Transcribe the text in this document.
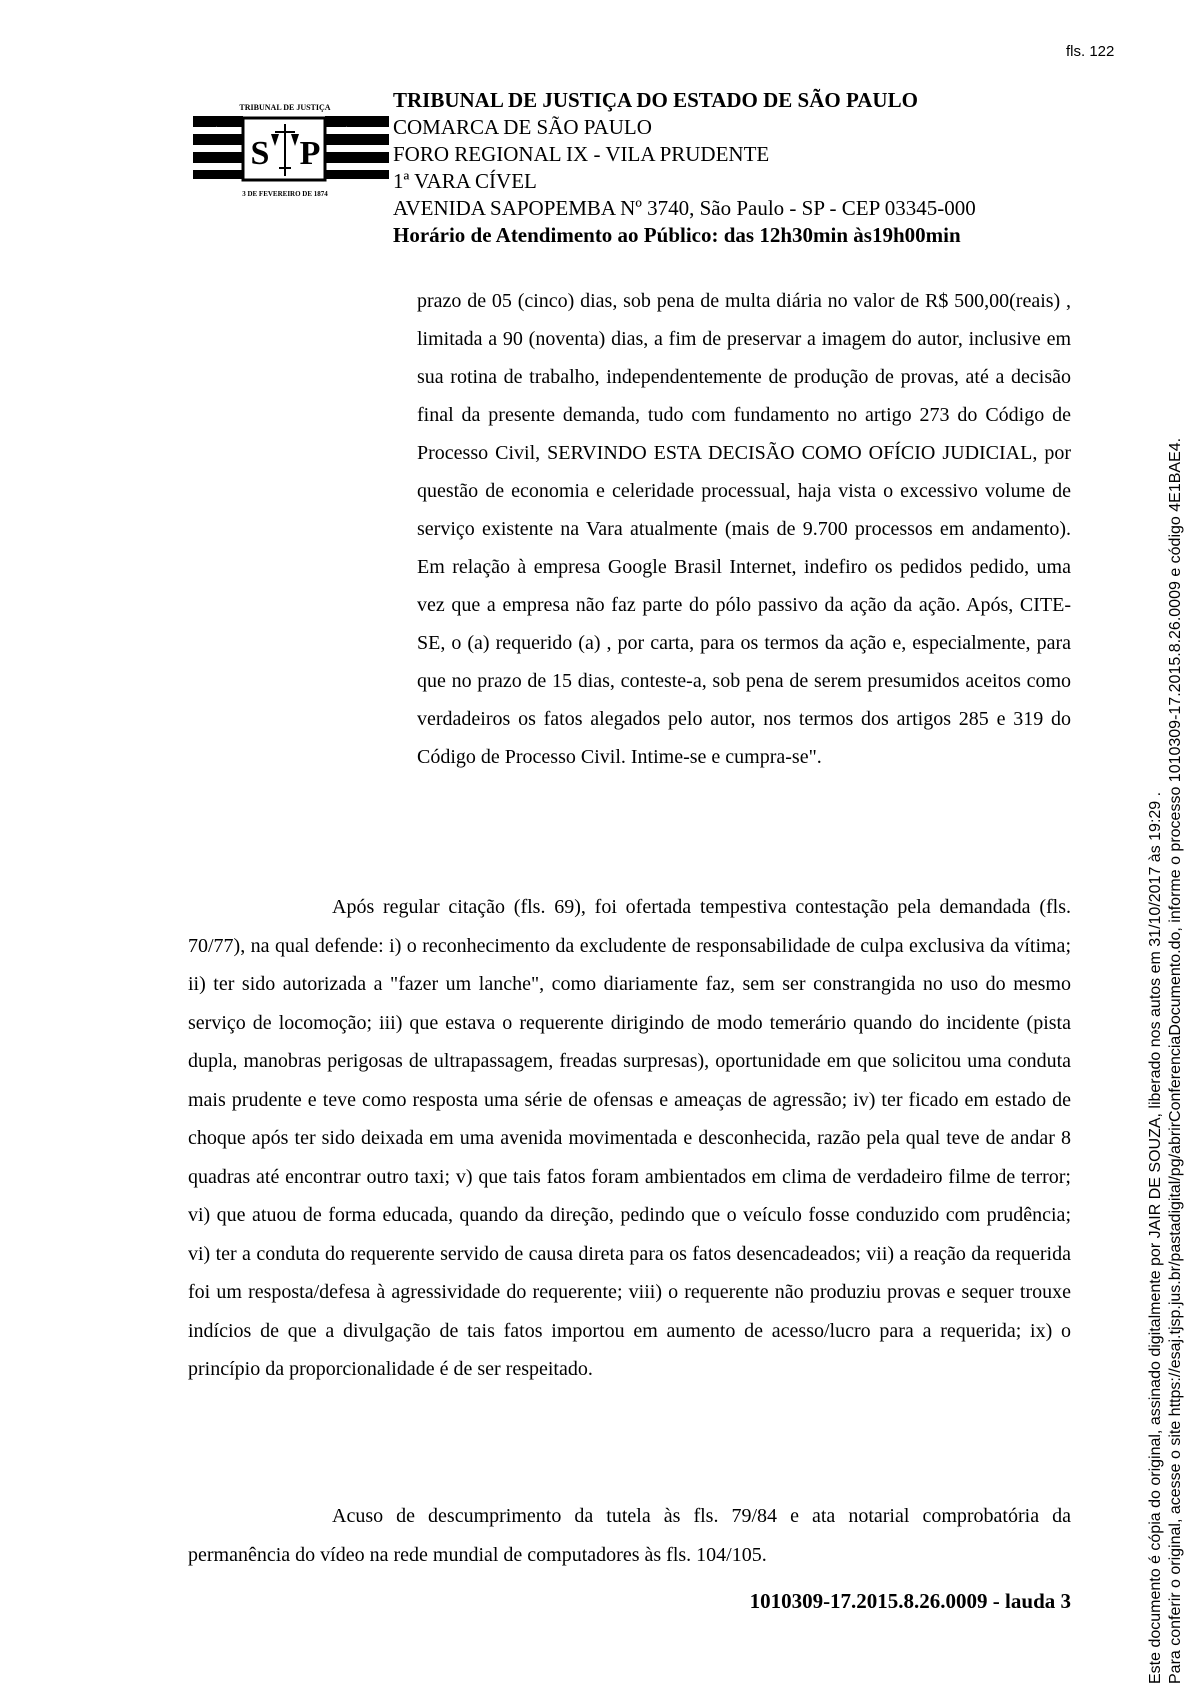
fls. 122
TRIBUNAL DE JUSTIÇA
S P
★	★
3 DE FEVEREIRO DE 1874
TRIBUNAL DE JUSTIÇA DO ESTADO DE SÃO PAULO
COMARCA DE SÃO PAULO
FORO REGIONAL IX - VILA PRUDENTE
1ª VARA CÍVEL
AVENIDA SAPOPEMBA Nº 3740, São Paulo - SP - CEP 03345-000
Horário de Atendimento ao Público: das 12h30min às19h00min
prazo de 05 (cinco) dias, sob pena de multa diária no valor de R$ 500,00(reais) , limitada a 90 (noventa) dias, a fim de preservar a imagem do autor, inclusive em sua rotina de trabalho, independentemente de produção de provas, até a decisão final da presente demanda, tudo com fundamento no artigo 273 do Código de Processo Civil, SERVINDO ESTA DECISÃO COMO OFÍCIO JUDICIAL, por questão de economia e celeridade processual, haja vista o excessivo volume de serviço existente na Vara atualmente (mais de 9.700 processos em andamento). Em relação à empresa Google Brasil Internet, indefiro os pedidos pedido, uma vez que a empresa não faz parte do pólo passivo da ação da ação. Após, CITE-SE, o (a) requerido (a) , por carta, para os termos da ação e, especialmente, para que no prazo de 15 dias, conteste-a, sob pena de serem presumidos aceitos como verdadeiros os fatos alegados pelo autor, nos termos dos artigos 285 e 319 do Código de Processo Civil. Intime-se e cumpra-se".

Após regular citação (fls. 69), foi ofertada tempestiva contestação pela demandada (fls. 70/77), na qual defende: i) o reconhecimento da excludente de responsabilidade de culpa exclusiva da vítima; ii) ter sido autorizada a "fazer um lanche", como diariamente faz, sem ser constrangida no uso do mesmo serviço de locomoção; iii) que estava o requerente dirigindo de modo temerário quando do incidente (pista dupla, manobras perigosas de ultrapassagem, freadas surpresas), oportunidade em que solicitou uma conduta mais prudente e teve como resposta uma série de ofensas e ameaças de agressão; iv) ter ficado em estado de choque após ter sido deixada em uma avenida movimentada e desconhecida, razão pela qual teve de andar 8 quadras até encontrar outro taxi; v) que tais fatos foram ambientados em clima de verdadeiro filme de terror; vi) que atuou de forma educada, quando da direção, pedindo que o veículo fosse conduzido com prudência; vi) ter a conduta do requerente servido de causa direta para os fatos desencadeados; vii) a reação da requerida foi um resposta/defesa à agressividade do requerente; viii) o requerente não produziu provas e sequer trouxe indícios de que a divulgação de tais fatos importou em aumento de acesso/lucro para a requerida; ix) o princípio da proporcionalidade é de ser respeitado.

Acuso de descumprimento da tutela às fls. 79/84 e ata notarial comprobatória da permanência do vídeo na rede mundial de computadores às fls. 104/105.

1010309-17.2015.8.26.0009 - lauda 3	Este documento é cópia do original, assinado digitalmente por JAIR DE SOUZA, liberado nos autos em 31/10/2017 às 19:29 . Para conferir o original, acesse o site https://esaj.tjsp.jus.br/pastadigital/pg/abrirConferenciaDocumento.do, informe o processo 1010309-17.2015.8.26.0009 e código 4E1BAE4.
